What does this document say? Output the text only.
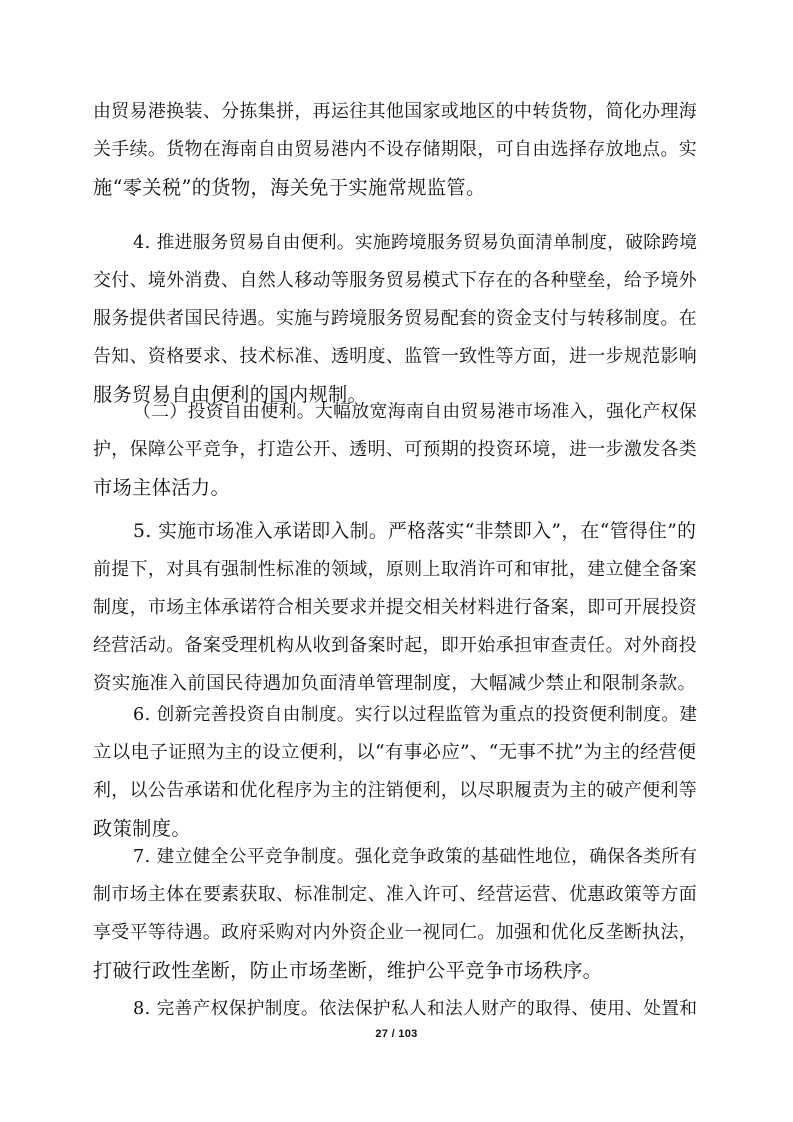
由贸易港换装、分拣集拼，再运往其他国家或地区的中转货物，简化办理海
关手续。货物在海南自由贸易港内不设存储期限，可自由选择存放地点。实
施“零关税”的货物，海关免于实施常规监管。
4. 推进服务贸易自由便利。实施跨境服务贸易负面清单制度，破除跨境
交付、境外消费、自然人移动等服务贸易模式下存在的各种壁垒，给予境外
服务提供者国民待遇。实施与跨境服务贸易配套的资金支付与转移制度。在
告知、资格要求、技术标准、透明度、监管一致性等方面，进一步规范影响
服务贸易自由便利的国内规制。
（二）投资自由便利。大幅放宽海南自由贸易港市场准入，强化产权保
护，保障公平竞争，打造公开、透明、可预期的投资环境，进一步激发各类
市场主体活力。
5. 实施市场准入承诺即入制。严格落实“非禁即入”，在“管得住”的
前提下，对具有强制性标准的领域，原则上取消许可和审批，建立健全备案
制度，市场主体承诺符合相关要求并提交相关材料进行备案，即可开展投资
经营活动。备案受理机构从收到备案时起，即开始承担审查责任。对外商投
资实施准入前国民待遇加负面清单管理制度，大幅减少禁止和限制条款。
6. 创新完善投资自由制度。实行以过程监管为重点的投资便利制度。建
立以电子证照为主的设立便利，以“有事必应”、“无事不扰”为主的经营便
利，以公告承诺和优化程序为主的注销便利，以尽职履责为主的破产便利等
政策制度。
7. 建立健全公平竞争制度。强化竞争政策的基础性地位，确保各类所有
制市场主体在要素获取、标准制定、准入许可、经营运营、优惠政策等方面
享受平等待遇。政府采购对内外资企业一视同仁。加强和优化反垄断执法，
打破行政性垄断，防止市场垄断，维护公平竞争市场秩序。
8. 完善产权保护制度。依法保护私人和法人财产的取得、使用、处置和
27 / 103
